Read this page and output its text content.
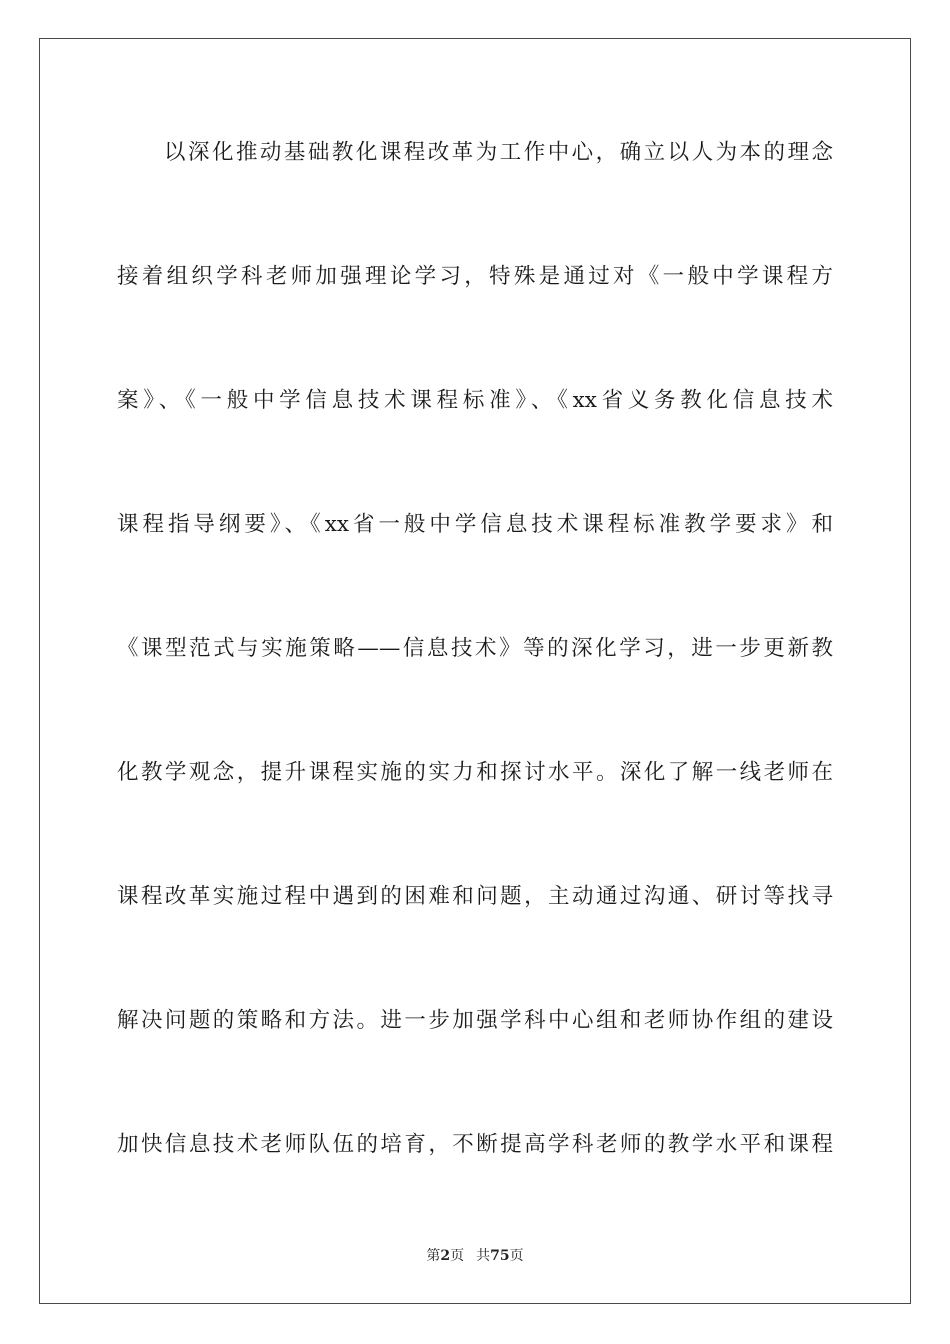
以深化推动基础教化课程改革为工作中心，确立以人为本的理念
接着组织学科老师加强理论学习，特殊是通过对《一般中学课程方
案》、《一般中学信息技术课程标准》、《xx省义务教化信息技术
课程指导纲要》、《xx省一般中学信息技术课程标准教学要求》和
《课型范式与实施策略——信息技术》等的深化学习，进一步更新教
化教学观念，提升课程实施的实力和探讨水平。深化了解一线老师在
课程改革实施过程中遇到的困难和问题，主动通过沟通、研讨等找寻
解决问题的策略和方法。进一步加强学科中心组和老师协作组的建设
加快信息技术老师队伍的培育，不断提高学科老师的教学水平和课程
第2页 共75页
